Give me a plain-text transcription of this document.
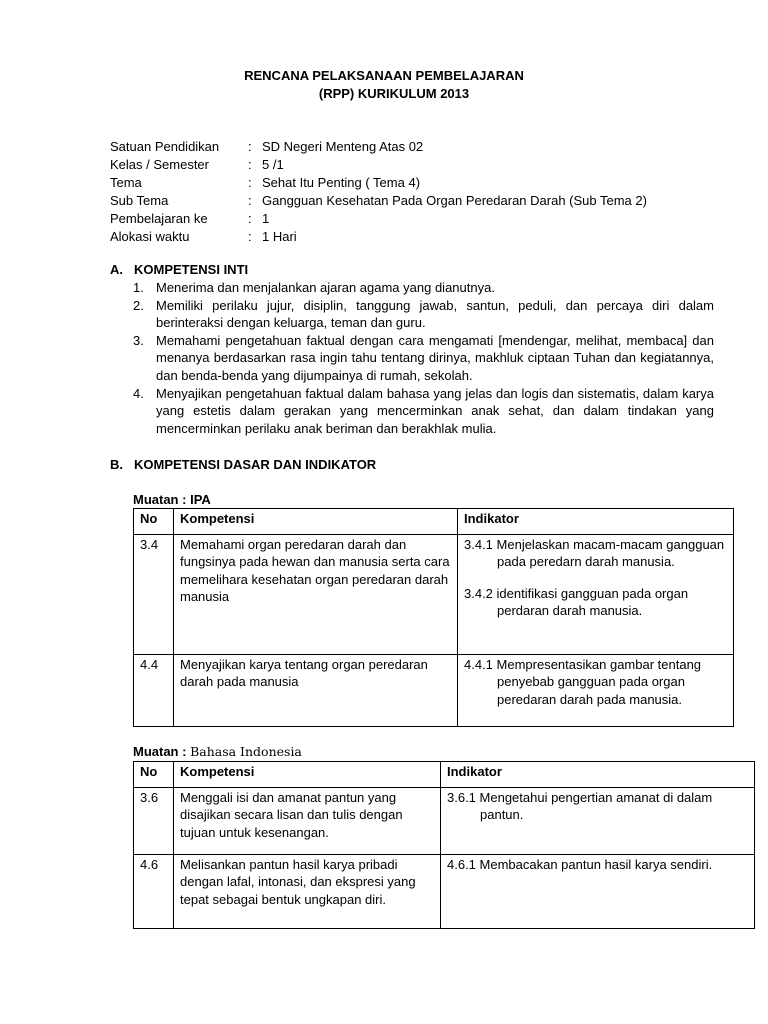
RENCANA PELAKSANAAN PEMBELAJARAN
(RPP) KURIKULUM 2013
Satuan Pendidikan	: SD Negeri Menteng Atas 02
Kelas / Semester	: 5 /1
Tema	: Sehat Itu Penting ( Tema 4)
Sub Tema	: Gangguan Kesehatan Pada Organ Peredaran Darah (Sub Tema 2)
Pembelajaran ke	: 1
Alokasi waktu	: 1 Hari
A. KOMPETENSI INTI
1. Menerima dan menjalankan ajaran agama yang dianutnya.
2. Memiliki perilaku jujur, disiplin, tanggung jawab, santun, peduli, dan percaya diri dalam berinteraksi dengan keluarga, teman dan guru.
3. Memahami pengetahuan faktual dengan cara mengamati [mendengar, melihat, membaca] dan menanya berdasarkan rasa ingin tahu tentang dirinya, makhluk ciptaan Tuhan dan kegiatannya, dan benda-benda yang dijumpainya di rumah, sekolah.
4. Menyajikan pengetahuan faktual dalam bahasa yang jelas dan logis dan sistematis, dalam karya yang estetis dalam gerakan yang mencerminkan anak sehat, dan dalam tindakan yang mencerminkan perilaku anak beriman dan berakhlak mulia.
B. KOMPETENSI DASAR DAN INDIKATOR
Muatan : IPA
No	Kompetensi	Indikator
3.4	Memahami organ peredaran darah dan fungsinya pada hewan dan manusia serta cara memelihara kesehatan organ peredaran darah manusia	3.4.1 Menjelaskan macam-macam gangguan pada peredarn darah manusia.
3.4.2 identifikasi gangguan pada organ perdaran darah manusia.

4.4	Menyajikan karya tentang organ peredaran darah pada manusia	4.4.1 Mempresentasikan gambar tentang penyebab gangguan pada organ peredaran darah pada manusia.
Muatan : Bahasa Indonesia
No	Kompetensi	Indikator
3.6	Menggali isi dan amanat pantun yang disajikan secara lisan dan tulis dengan tujuan untuk kesenangan.	3.6.1 Mengetahui pengertian amanat di dalam pantun.

4.6	Melisankan pantun hasil karya pribadi dengan lafal, intonasi, dan ekspresi yang tepat sebagai bentuk ungkapan diri.	4.6.1 Membacakan pantun hasil karya sendiri.
